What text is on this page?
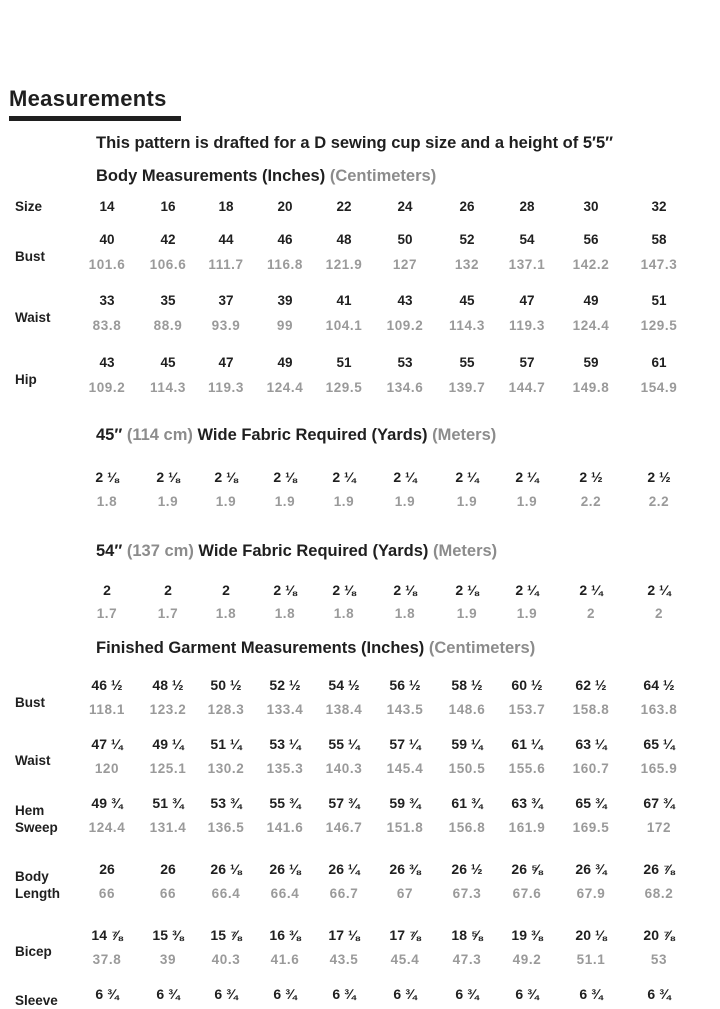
Measurements
This pattern is drafted for a D sewing cup size and a height of 5′5″
Body Measurements (Inches) (Centimeters)
Size	14	16	18	20	22	24	26	28	30	32
Bust
40	42	44	46	48	50	52	54	56	58
101.6	106.6	111.7	116.8	121.9	127	132	137.1	142.2	147.3
Waist
33	35	37	39	41	43	45	47	49	51
83.8	88.9	93.9	99	104.1	109.2	114.3	119.3	124.4	129.5
Hip
43	45	47	49	51	53	55	57	59	61
109.2	114.3	119.3	124.4	129.5	134.6	139.7	144.7	149.8	154.9
45″ (114 cm) Wide Fabric Required (Yards) (Meters)
2 ⅛	2 ⅛	2 ⅛	2 ⅛	2 ¼	2 ¼	2 ¼	2 ¼	2 ½	2 ½
1.8	1.9	1.9	1.9	1.9	1.9	1.9	1.9	2.2	2.2
54″ (137 cm) Wide Fabric Required (Yards) (Meters)
2	2	2	2 ⅛	2 ⅛	2 ⅛	2 ⅛	2 ¼	2 ¼	2 ¼
1.7	1.7	1.8	1.8	1.8	1.8	1.9	1.9	2	2
Finished Garment Measurements (Inches) (Centimeters)
Bust
46 ½	48 ½	50 ½	52 ½	54 ½	56 ½	58 ½	60 ½	62 ½	64 ½
118.1	123.2	128.3	133.4	138.4	143.5	148.6	153.7	158.8	163.8
Waist
47 ¼	49 ¼	51 ¼	53 ¼	55 ¼	57 ¼	59 ¼	61 ¼	63 ¼	65 ¼
120	125.1	130.2	135.3	140.3	145.4	150.5	155.6	160.7	165.9
Hem Sweep
49 ¾	51 ¾	53 ¾	55 ¾	57 ¾	59 ¾	61 ¾	63 ¾	65 ¾	67 ¾
124.4	131.4	136.5	141.6	146.7	151.8	156.8	161.9	169.5	172
Body Length
26	26	26 ⅛	26 ⅛	26 ¼	26 ⅜	26 ½	26 ⅝	26 ¾	26 ⅞
66	66	66.4	66.4	66.7	67	67.3	67.6	67.9	68.2
Bicep
14 ⅞	15 ⅜	15 ⅞	16 ⅜	17 ⅛	17 ⅞	18 ⅝	19 ⅜	20 ⅛	20 ⅞
37.8	39	40.3	41.6	43.5	45.4	47.3	49.2	51.1	53
Sleeve	6 ¾	6 ¾	6 ¾	6 ¾	6 ¾	6 ¾	6 ¾	6 ¾	6 ¾	6 ¾
